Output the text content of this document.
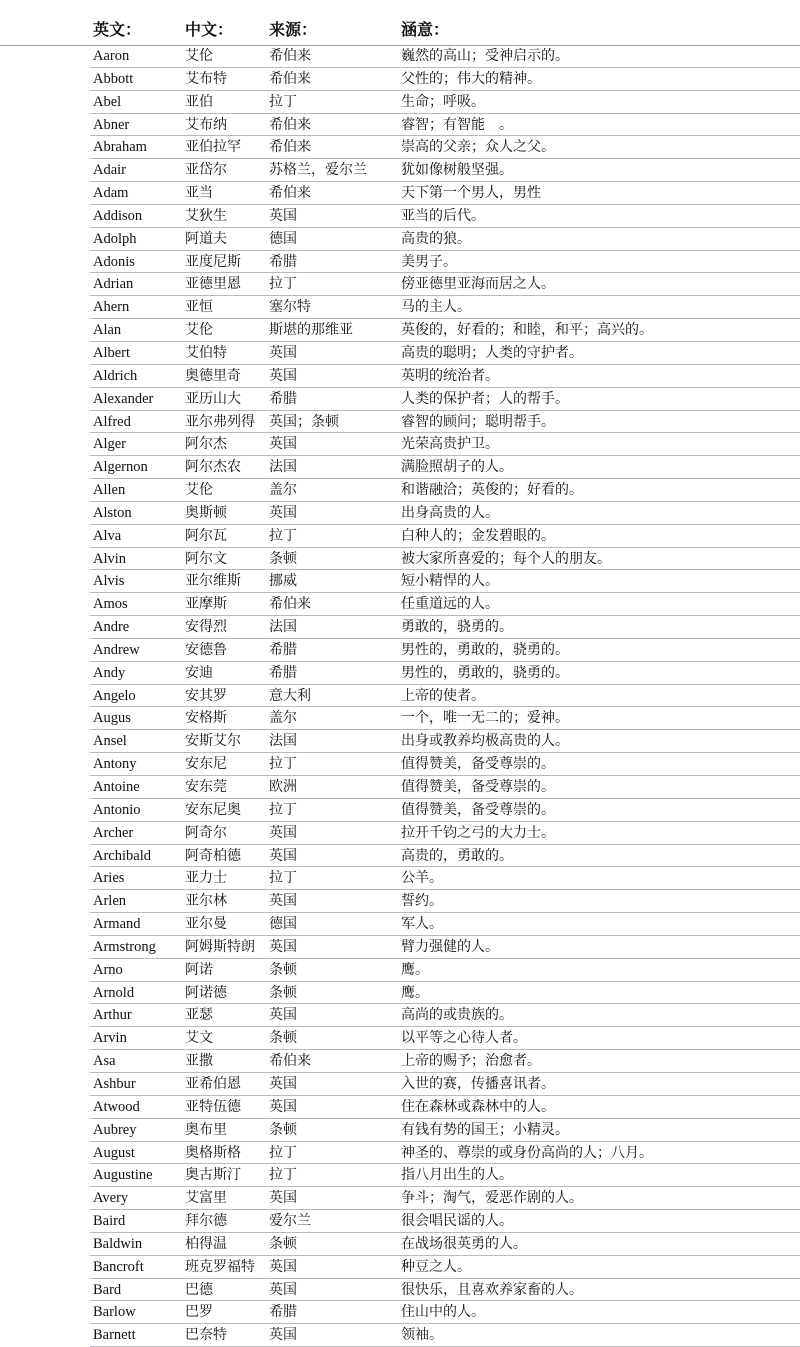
英文：	中文： 来源：	涵意：
Aaron	艾伦	希伯来	巍然的高山；受神启示的。
Abbott	艾布特	希伯来	父性的；伟大的精神。
Abel	亚伯	拉丁	生命；呼吸。
Abner	艾布纳	希伯来	睿智；有智能　。
Abraham	亚伯拉罕 希伯来	崇高的父亲；众人之父。
Adair	亚岱尔	苏格兰，爱尔兰 犹如像树般坚强。
Adam	亚当	希伯来	天下第一个男人，男性
Addison	艾狄生	英国	亚当的后代。
Adolph	阿道夫	德国	高贵的狼。
Adonis	亚度尼斯 希腊	美男子。
Adrian	亚德里恩 拉丁	傍亚德里亚海而居之人。
Ahern	亚恒	塞尔特	马的主人。
Alan	艾伦	斯堪的那维亚	英俊的，好看的；和睦，和平；高兴的。
Albert	艾伯特	英国	高贵的聪明；人类的守护者。
Aldrich	奥德里奇 英国	英明的统治者。
Alexander 亚历山大 希腊	人类的保护者；人的帮手。
Alfred	亚尔弗列得 英国；条顿	睿智的顾问；聪明帮手。
Alger	阿尔杰	英国	光荣高贵护卫。
Algernon	阿尔杰农 法国	满脸照胡子的人。
Allen	艾伦	盖尔	和谐融洽；英俊的；好看的。
Alston	奥斯顿	英国	出身高贵的人。
Alva	阿尔瓦	拉丁	白种人的；金发碧眼的。
Alvin	阿尔文	条顿	被大家所喜爱的；每个人的朋友。
Alvis	亚尔维斯 挪威	短小精悍的人。
Amos	亚摩斯	希伯来	任重道远的人。
Andre	安得烈	法国	勇敢的，骁勇的。
Andrew	安德鲁	希腊	男性的，勇敢的，骁勇的。
Andy	安迪	希腊	男性的，勇敢的，骁勇的。
Angelo	安其罗	意大利	上帝的使者。
Augus	安格斯	盖尔	一个，唯一无二的；爱神。
Ansel	安斯艾尔 法国	出身或教养均极高贵的人。
Antony	安东尼	拉丁	值得赞美，备受尊崇的。
Antoine	安东莞	欧洲	值得赞美，备受尊崇的。
Antonio	安东尼奥 拉丁	值得赞美，备受尊崇的。
Archer	阿奇尔	英国	拉开千钧之弓的大力士。
Archibald 阿奇柏德 英国	高贵的，勇敢的。
Aries	亚力士	拉丁	公羊。
Arlen	亚尔林	英国	誓约。
Armand	亚尔曼	德国	军人。
Armstrong 阿姆斯特朗 英国	臂力强健的人。
Arno	阿诺	条顿	鹰。
Arnold	阿诺德	条顿	鹰。
Arthur	亚瑟	英国	高尚的或贵族的。
Arvin	艾文	条顿	以平等之心待人者。
Asa	亚撒	希伯来	上帝的赐予；治愈者。
Ashbur	亚希伯恩 英国	入世的赛，传播喜讯者。
Atwood	亚特伍德 英国	住在森林或森林中的人。
Aubrey	奥布里	条顿	有钱有势的国王；小精灵。
August	奥格斯格 拉丁	神圣的、尊崇的或身份高尚的人；八月。
Augustine 奥古斯汀 拉丁	指八月出生的人。
Avery	艾富里	英国	争斗；淘气，爱恶作剧的人。
Baird	拜尔德	爱尔兰	很会唱民谣的人。
Baldwin	柏得温	条顿	在战场很英勇的人。
Bancroft	班克罗福特 英国	种豆之人。
Bard	巴德	英国	很快乐，且喜欢养家畜的人。
Barlow	巴罗	希腊	住山中的人。
Barnett	巴奈特	英国	领袖。
